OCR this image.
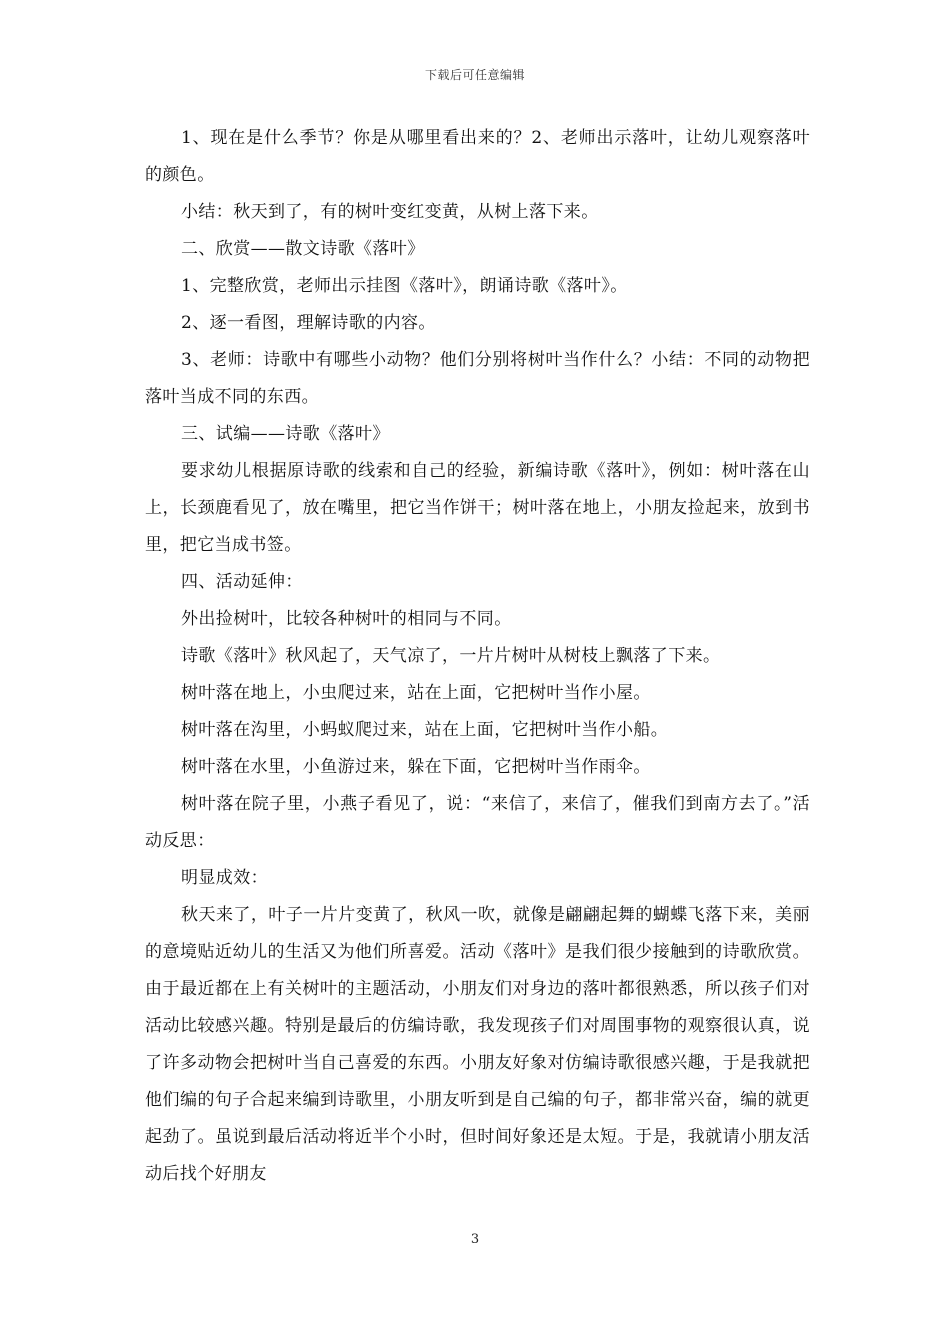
下载后可任意编辑

1、现在是什么季节？你是从哪里看出来的？2、老师出示落叶，让幼儿观察落叶的颜色。

小结：秋天到了，有的树叶变红变黄，从树上落下来。

二、欣赏——散文诗歌《落叶》

1、完整欣赏，老师出示挂图《落叶》，朗诵诗歌《落叶》。

2、逐一看图，理解诗歌的内容。

3、老师：诗歌中有哪些小动物？他们分别将树叶当作什么？小结：不同的动物把落叶当成不同的东西。

三、试编——诗歌《落叶》

要求幼儿根据原诗歌的线索和自己的经验，新编诗歌《落叶》，例如：树叶落在山上，长颈鹿看见了，放在嘴里，把它当作饼干；树叶落在地上，小朋友捡起来，放到书里，把它当成书签。

四、活动延伸：

外出捡树叶，比较各种树叶的相同与不同。

诗歌《落叶》秋风起了，天气凉了，一片片树叶从树枝上飘落了下来。

树叶落在地上，小虫爬过来，站在上面，它把树叶当作小屋。

树叶落在沟里，小蚂蚁爬过来，站在上面，它把树叶当作小船。

树叶落在水里，小鱼游过来，躲在下面，它把树叶当作雨伞。

树叶落在院子里，小燕子看见了，说：“来信了，来信了，催我们到南方去了。”活动反思：

明显成效：

秋天来了，叶子一片片变黄了，秋风一吹，就像是翩翩起舞的蝴蝶飞落下来，美丽的意境贴近幼儿的生活又为他们所喜爱。活动《落叶》是我们很少接触到的诗歌欣赏。由于最近都在上有关树叶的主题活动，小朋友们对身边的落叶都很熟悉，所以孩子们对活动比较感兴趣。特别是最后的仿编诗歌，我发现孩子们对周围事物的观察很认真，说了许多动物会把树叶当自己喜爱的东西。小朋友好象对仿编诗歌很感兴趣，于是我就把他们编的句子合起来编到诗歌里，小朋友听到是自己编的句子，都非常兴奋，编的就更起劲了。虽说到最后活动将近半个小时，但时间好象还是太短。于是，我就请小朋友活动后找个好朋友

3
